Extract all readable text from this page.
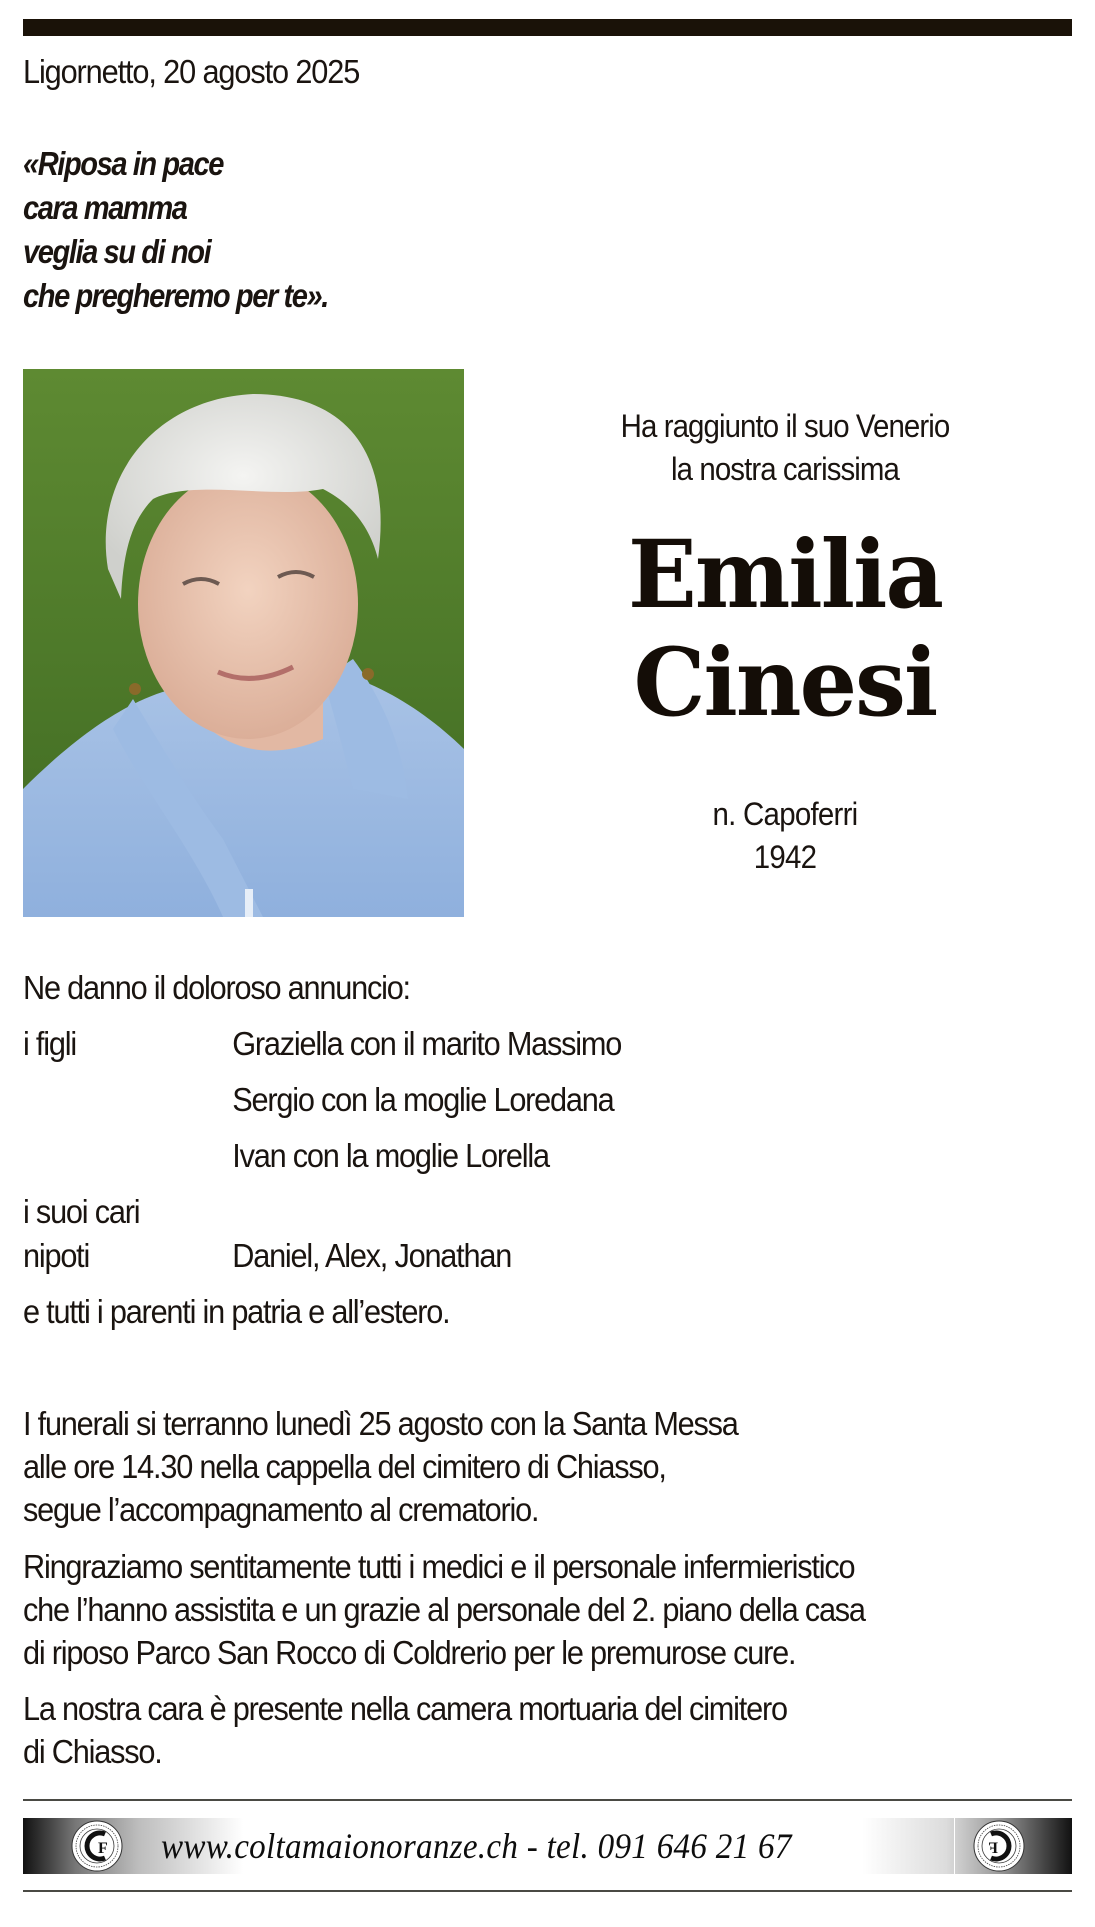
Ligornetto, 20 agosto 2025
«Riposa in pace
cara mamma
veglia su di noi
che pregheremo per te».
Ha raggiunto il suo Venerio
la nostra carissima
Emilia
Cinesi
n. Capoferri
1942
Ne danno il doloroso annuncio:
i figli	Graziella con il marito Massimo
Sergio con la moglie Loredana
Ivan con la moglie Lorella
i suoi cari
nipoti	Daniel, Alex, Jonathan
e tutti i parenti in patria e all’estero.
I funerali si terranno lunedì 25 agosto con la Santa Messa
alle ore 14.30 nella cappella del cimitero di Chiasso,
segue l’accompagnamento al crematorio.
Ringraziamo sentitamente tutti i medici e il personale infermieristico
che l’hanno assistita e un grazie al personale del 2. piano della casa
di riposo Parco San Rocco di Coldrerio per le premurose cure.
La nostra cara è presente nella camera mortuaria del cimitero
di Chiasso.
F www.coltamaionoranze.ch - tel. 091 646 21 67	F
